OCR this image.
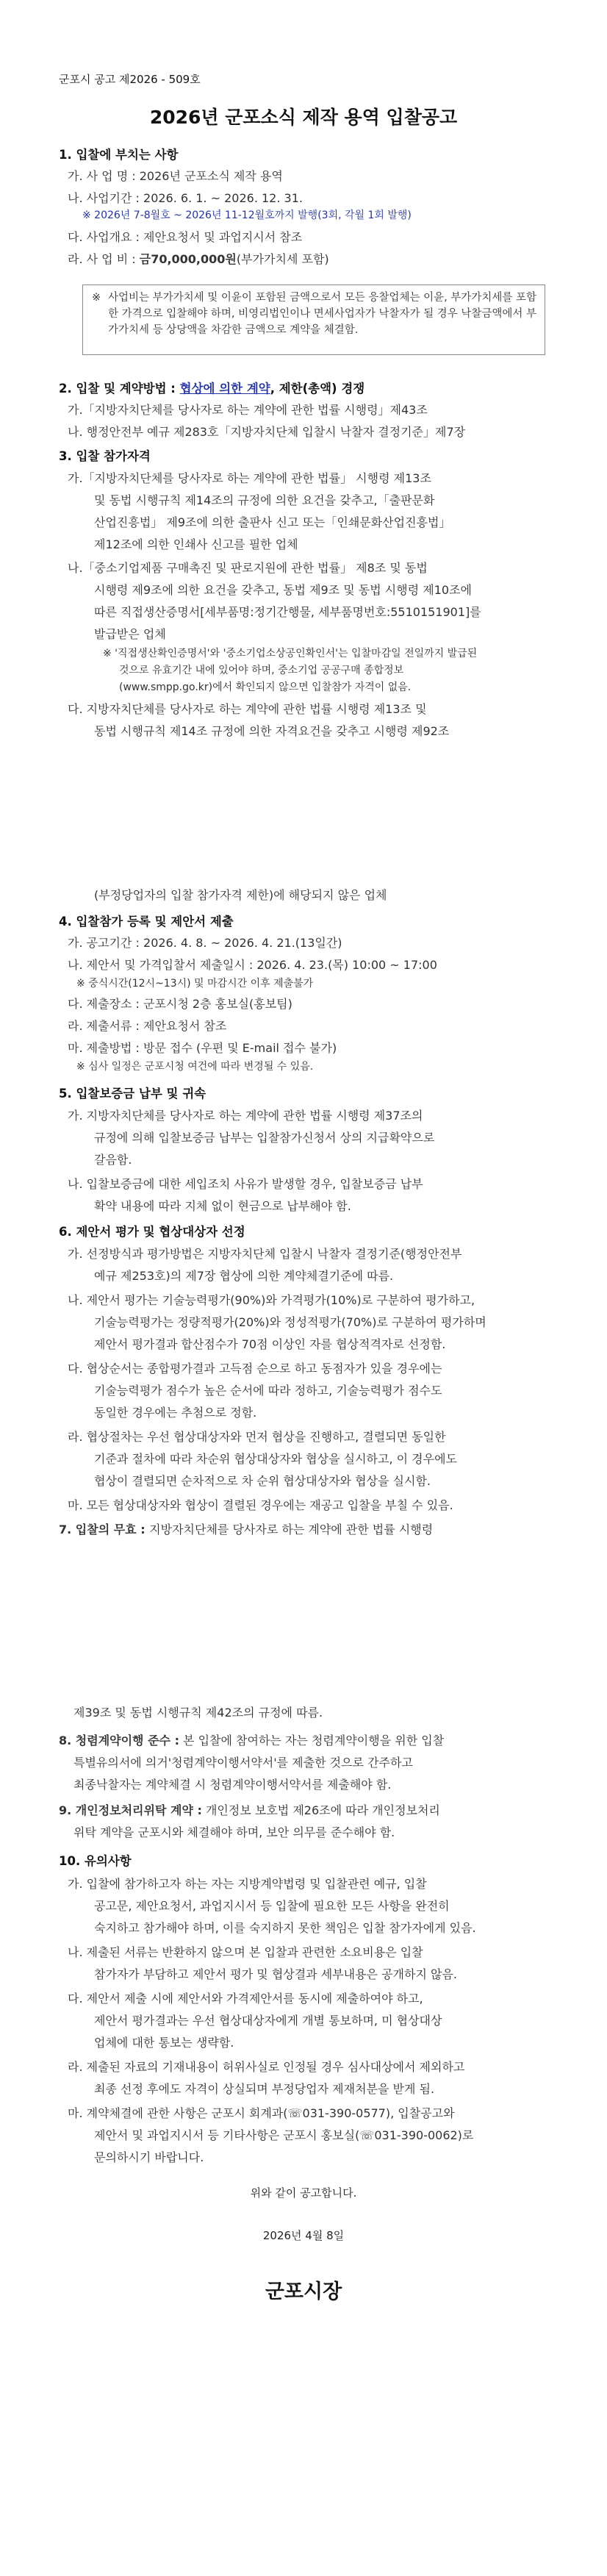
군포시 공고 제2026 - 509호
2026년 군포소식 제작 용역 입찰공고
1. 입찰에 부치는 사항
가. 사 업 명 : 2026년 군포소식 제작 용역
나. 사업기간 : 2026. 6. 1. ~ 2026. 12. 31.
※ 2026년 7-8월호 ~ 2026년 11-12월호까지 발행(3회, 각월 1회 발행)
다. 사업개요 : 제안요청서 및 과업지시서 참조
라. 사 업 비 : 금70,000,000원(부가가치세 포함)
※ 사업비는 부가가치세 및 이윤이 포함된 금액으로서 모든 응찰업체는 이윤, 부가가치세를 포함한 가격으로 입찰해야 하며, 비영리법인이나 면세사업자가 낙찰자가 될 경우 낙찰금액에서 부가가치세 등 상당액을 차감한 금액으로 계약을 체결함.
2. 입찰 및 계약방법 : 협상에 의한 계약, 제한(총액) 경쟁
가.「지방자치단체를 당사자로 하는 계약에 관한 법률 시행령」제43조
나. 행정안전부 예규 제283호「지방자치단체 입찰시 낙찰자 결정기준」제7장
3. 입찰 참가자격
가.「지방자치단체를 당사자로 하는 계약에 관한 법률」 시행령 제13조
및 동법 시행규칙 제14조의 규정에 의한 요건을 갖추고,「출판문화
산업진흥법」 제9조에 의한 출판사 신고 또는「인쇄문화산업진흥법」
제12조에 의한 인쇄사 신고를 필한 업체
나.「중소기업제품 구매촉진 및 판로지원에 관한 법률」 제8조 및 동법
시행령 제9조에 의한 요건을 갖추고, 동법 제9조 및 동법 시행령 제10조에
따른 직접생산증명서[세부품명:정기간행물, 세부품명번호:5510151901]를
발급받은 업체
※ '직접생산확인증명서'와 '중소기업소상공인확인서'는 입찰마감일 전일까지 발급된
것으로 유효기간 내에 있어야 하며, 중소기업 공공구매 종합정보
(www.smpp.go.kr)에서 확인되지 않으면 입찰참가 자격이 없음.
다. 지방자치단체를 당사자로 하는 계약에 관한 법률 시행령 제13조 및
동법 시행규칙 제14조 규정에 의한 자격요건을 갖추고 시행령 제92조
(부정당업자의 입찰 참가자격 제한)에 해당되지 않은 업체
4. 입찰참가 등록 및 제안서 제출
가. 공고기간 : 2026. 4. 8. ~ 2026. 4. 21.(13일간)
나. 제안서 및 가격입찰서 제출일시 : 2026. 4. 23.(목) 10:00 ~ 17:00
※ 중식시간(12시~13시) 및 마감시간 이후 제출불가
다. 제출장소 : 군포시청 2층 홍보실(홍보팀)
라. 제출서류 : 제안요청서 참조
마. 제출방법 : 방문 접수 (우편 및 E-mail 접수 불가)
※ 심사 일정은 군포시청 여건에 따라 변경될 수 있음.
5. 입찰보증금 납부 및 귀속
가. 지방자치단체를 당사자로 하는 계약에 관한 법률 시행령 제37조의
규정에 의해 입찰보증금 납부는 입찰참가신청서 상의 지급확약으로
갈음함.
나. 입찰보증금에 대한 세입조치 사유가 발생할 경우, 입찰보증금 납부
확약 내용에 따라 지체 없이 현금으로 납부해야 함.
6. 제안서 평가 및 협상대상자 선정
가. 선정방식과 평가방법은 지방자치단체 입찰시 낙찰자 결정기준(행정안전부
예규 제253호)의 제7장 협상에 의한 계약체결기준에 따름.
나. 제안서 평가는 기술능력평가(90%)와 가격평가(10%)로 구분하여 평가하고,
기술능력평가는 정량적평가(20%)와 정성적평가(70%)로 구분하여 평가하며
제안서 평가결과 합산점수가 70점 이상인 자를 협상적격자로 선정함.
다. 협상순서는 종합평가결과 고득점 순으로 하고 동점자가 있을 경우에는
기술능력평가 점수가 높은 순서에 따라 정하고, 기술능력평가 점수도
동일한 경우에는 추첨으로 정함.
라. 협상절차는 우선 협상대상자와 먼저 협상을 진행하고, 결렬되면 동일한
기준과 절차에 따라 차순위 협상대상자와 협상을 실시하고, 이 경우에도
협상이 결렬되면 순차적으로 차 순위 협상대상자와 협상을 실시함.
마. 모든 협상대상자와 협상이 결렬된 경우에는 재공고 입찰을 부칠 수 있음.
7. 입찰의 무효 : 지방자치단체를 당사자로 하는 계약에 관한 법률 시행령
제39조 및 동법 시행규칙 제42조의 규정에 따름.
8. 청렴계약이행 준수 : 본 입찰에 참여하는 자는 청렴계약이행을 위한 입찰
특별유의서에 의거'청렴계약이행서약서'를 제출한 것으로 간주하고
최종낙찰자는 계약체결 시 청렴계약이행서약서를 제출해야 함.
9. 개인정보처리위탁 계약 : 개인정보 보호법 제26조에 따라 개인정보처리
위탁 계약을 군포시와 체결해야 하며, 보안 의무를 준수해야 함.
10. 유의사항
가. 입찰에 참가하고자 하는 자는 지방계약법령 및 입찰관련 예규, 입찰
공고문, 제안요청서, 과업지시서 등 입찰에 필요한 모든 사항을 완전히
숙지하고 참가해야 하며, 이를 숙지하지 못한 책임은 입찰 참가자에게 있음.
나. 제출된 서류는 반환하지 않으며 본 입찰과 관련한 소요비용은 입찰
참가자가 부담하고 제안서 평가 및 협상결과 세부내용은 공개하지 않음.
다. 제안서 제출 시에 제안서와 가격제안서를 동시에 제출하여야 하고,
제안서 평가결과는 우선 협상대상자에게 개별 통보하며, 미 협상대상
업체에 대한 통보는 생략함.
라. 제출된 자료의 기재내용이 허위사실로 인정될 경우 심사대상에서 제외하고
최종 선정 후에도 자격이 상실되며 부정당업자 제재처분을 받게 됨.
마. 계약체결에 관한 사항은 군포시 회계과(☏031-390-0577), 입찰공고와
제안서 및 과업지시서 등 기타사항은 군포시 홍보실(☏031-390-0062)로
문의하시기 바랍니다.
위와 같이 공고합니다.
2026년 4월 8일
군포시장
